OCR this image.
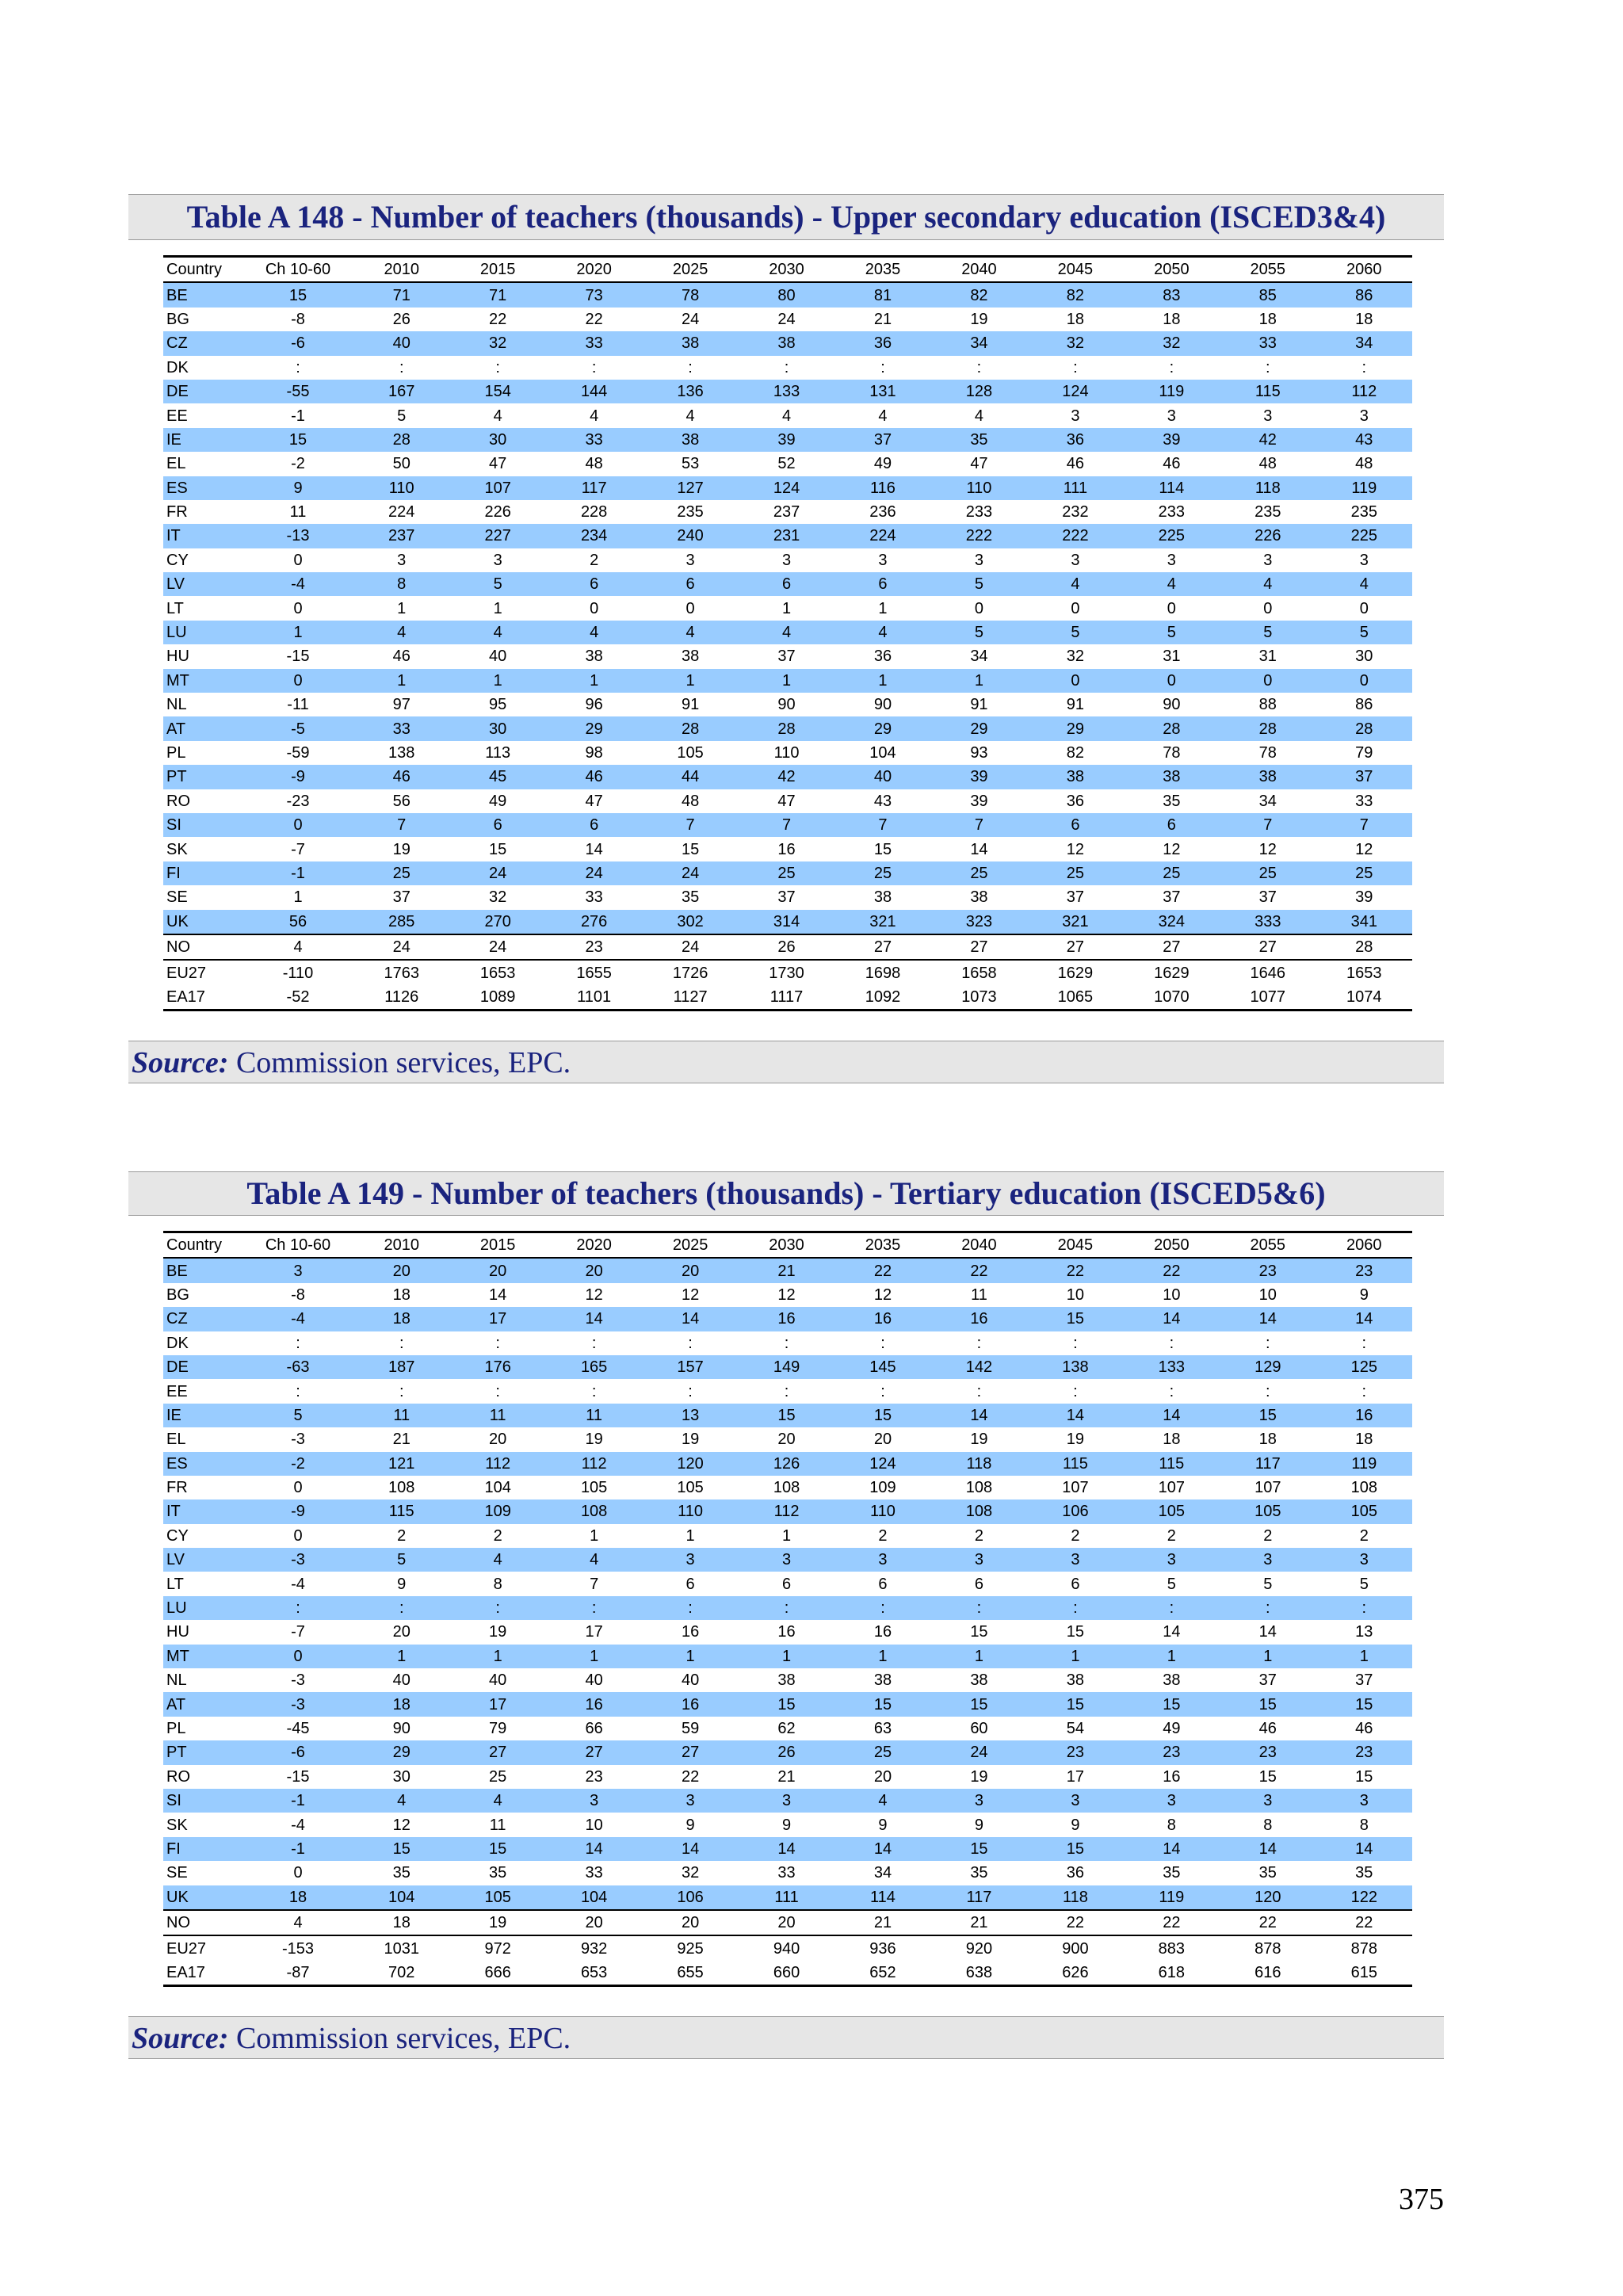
Table A 148 - Number of teachers (thousands) - Upper secondary education (ISCED3&4)
Country	Ch 10-60	2010	2015	2020	2025	2030	2035	2040	2045	2050	2055	2060
BE	15	71	71	73	78	80	81	82	82	83	85	86
BG	-8	26	22	22	24	24	21	19	18	18	18	18
CZ	-6	40	32	33	38	38	36	34	32	32	33	34
DK	:	:	:	:	:	:	:	:	:	:	:	:
DE	-55	167	154	144	136	133	131	128	124	119	115	112
EE	-1	5	4	4	4	4	4	4	3	3	3	3
IE	15	28	30	33	38	39	37	35	36	39	42	43
EL	-2	50	47	48	53	52	49	47	46	46	48	48
ES	9	110	107	117	127	124	116	110	111	114	118	119
FR	11	224	226	228	235	237	236	233	232	233	235	235
IT	-13	237	227	234	240	231	224	222	222	225	226	225
CY	0	3	3	2	3	3	3	3	3	3	3	3
LV	-4	8	5	6	6	6	6	5	4	4	4	4
LT	0	1	1	0	0	1	1	0	0	0	0	0
LU	1	4	4	4	4	4	4	5	5	5	5	5
HU	-15	46	40	38	38	37	36	34	32	31	31	30
MT	0	1	1	1	1	1	1	1	0	0	0	0
NL	-11	97	95	96	91	90	90	91	91	90	88	86
AT	-5	33	30	29	28	28	29	29	29	28	28	28
PL	-59	138	113	98	105	110	104	93	82	78	78	79
PT	-9	46	45	46	44	42	40	39	38	38	38	37
RO	-23	56	49	47	48	47	43	39	36	35	34	33
SI	0	7	6	6	7	7	7	7	6	6	7	7
SK	-7	19	15	14	15	16	15	14	12	12	12	12
FI	-1	25	24	24	24	25	25	25	25	25	25	25
SE	1	37	32	33	35	37	38	38	37	37	37	39
UK	56	285	270	276	302	314	321	323	321	324	333	341
NO	4	24	24	23	24	26	27	27	27	27	27	28
EU27	-110	1763	1653	1655	1726	1730	1698	1658	1629	1629	1646	1653
EA17	-52	1126	1089	1101	1127	1117	1092	1073	1065	1070	1077	1074
Source: Commission services, EPC.
Table A 149 - Number of teachers (thousands) - Tertiary education (ISCED5&6)
Country	Ch 10-60	2010	2015	2020	2025	2030	2035	2040	2045	2050	2055	2060
BE	3	20	20	20	20	21	22	22	22	22	23	23
BG	-8	18	14	12	12	12	12	11	10	10	10	9
CZ	-4	18	17	14	14	16	16	16	15	14	14	14
DK	:	:	:	:	:	:	:	:	:	:	:	:
DE	-63	187	176	165	157	149	145	142	138	133	129	125
EE	:	:	:	:	:	:	:	:	:	:	:	:
IE	5	11	11	11	13	15	15	14	14	14	15	16
EL	-3	21	20	19	19	20	20	19	19	18	18	18
ES	-2	121	112	112	120	126	124	118	115	115	117	119
FR	0	108	104	105	105	108	109	108	107	107	107	108
IT	-9	115	109	108	110	112	110	108	106	105	105	105
CY	0	2	2	1	1	1	2	2	2	2	2	2
LV	-3	5	4	4	3	3	3	3	3	3	3	3
LT	-4	9	8	7	6	6	6	6	6	5	5	5
LU	:	:	:	:	:	:	:	:	:	:	:	:
HU	-7	20	19	17	16	16	16	15	15	14	14	13
MT	0	1	1	1	1	1	1	1	1	1	1	1
NL	-3	40	40	40	40	38	38	38	38	38	37	37
AT	-3	18	17	16	16	15	15	15	15	15	15	15
PL	-45	90	79	66	59	62	63	60	54	49	46	46
PT	-6	29	27	27	27	26	25	24	23	23	23	23
RO	-15	30	25	23	22	21	20	19	17	16	15	15
SI	-1	4	4	3	3	3	4	3	3	3	3	3
SK	-4	12	11	10	9	9	9	9	9	8	8	8
FI	-1	15	15	14	14	14	14	15	15	14	14	14
SE	0	35	35	33	32	33	34	35	36	35	35	35
UK	18	104	105	104	106	111	114	117	118	119	120	122
NO	4	18	19	20	20	20	21	21	22	22	22	22
EU27	-153	1031	972	932	925	940	936	920	900	883	878	878
EA17	-87	702	666	653	655	660	652	638	626	618	616	615
Source: Commission services, EPC.
375
